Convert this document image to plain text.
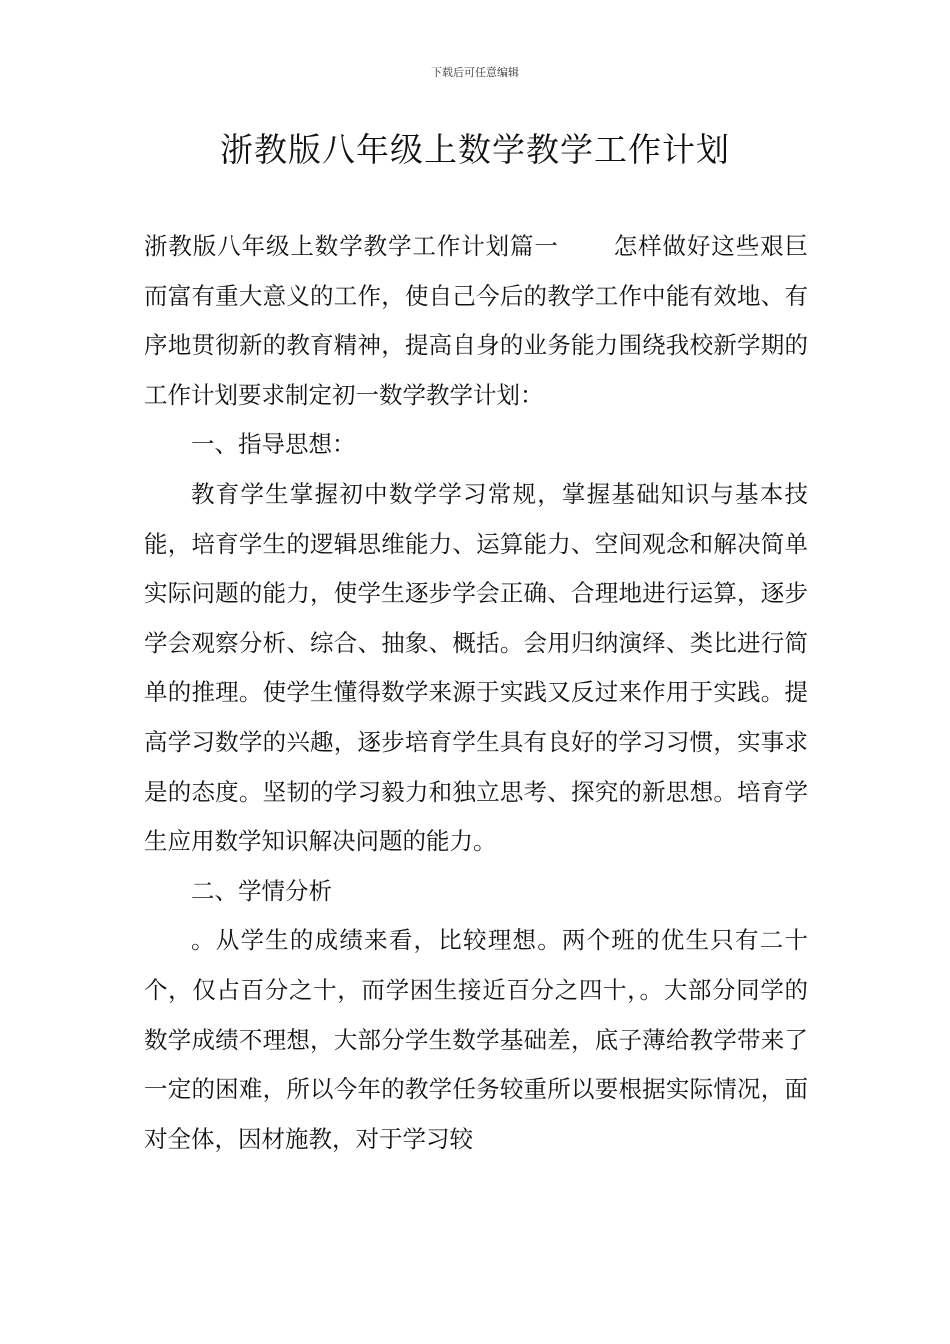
下载后可任意编辑
浙教版八年级上数学教学工作计划

浙教版八年级上数学教学工作计划篇一 怎样做好这些艰巨而富有重大意义的工作，使自己今后的教学工作中能有效地、有序地贯彻新的教育精神，提高自身的业务能力围绕我校新学期的工作计划要求制定初一数学教学计划：

一、指导思想：

教育学生掌握初中数学学习常规，掌握基础知识与基本技能，培育学生的逻辑思维能力、运算能力、空间观念和解决简单实际问题的能力，使学生逐步学会正确、合理地进行运算，逐步学会观察分析、综合、抽象、概括。会用归纳演绎、类比进行简单的推理。使学生懂得数学来源于实践又反过来作用于实践。提高学习数学的兴趣，逐步培育学生具有良好的学习习惯，实事求是的态度。坚韧的学习毅力和独立思考、探究的新思想。培育学生应用数学知识解决问题的能力。

二、学情分析

。从学生的成绩来看，比较理想。两个班的优生只有二十个，仅占百分之十，而学困生接近百分之四十，。大部分同学的数学成绩不理想，大部分学生数学基础差，底子薄给教学带来了一定的困难，所以今年的教学任务较重所以要根据实际情况，面对全体，因材施教，对于学习较
